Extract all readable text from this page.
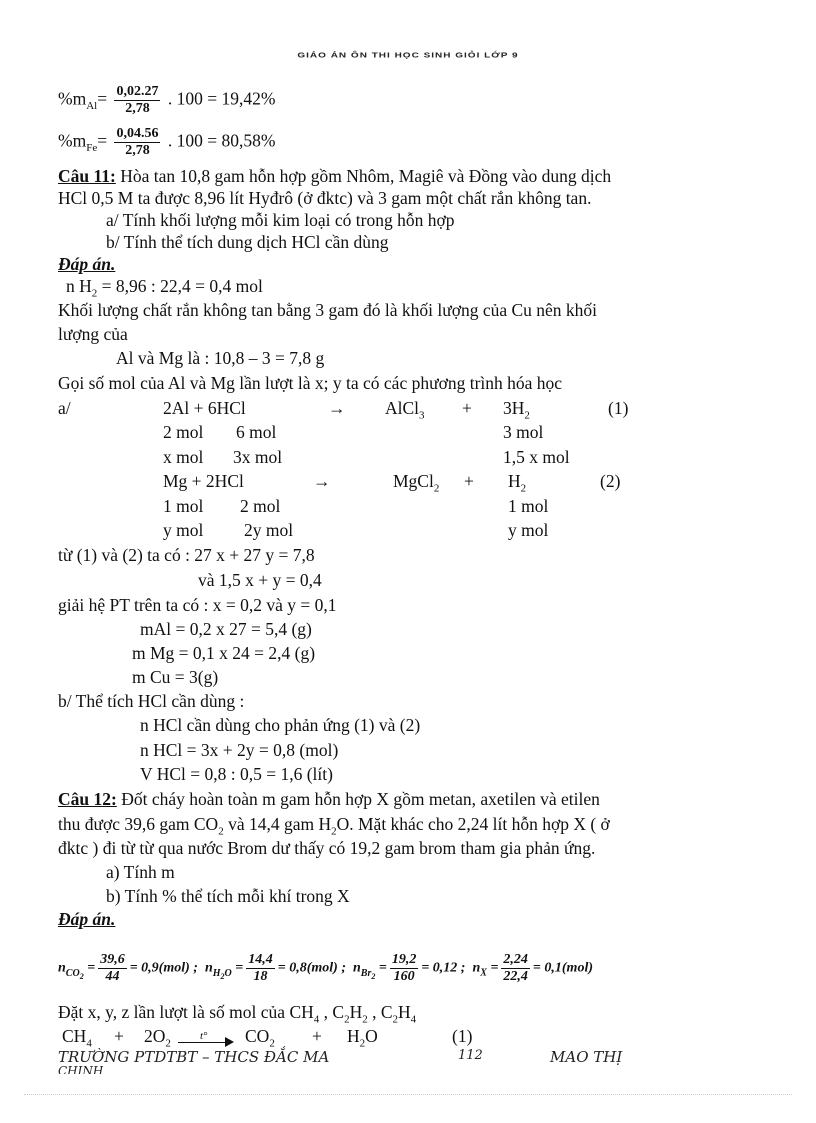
GIÁO ÁN ÔN THI HỌC SINH GIỎI LỚP 9
$\%m_{Al}= \frac{0,02.27}{2,78}$ . 100 = 19,42%
$\%m_{Fe}= \frac{0,04.56}{2,78}$ . 100 = 80,58%
Câu 11: Hòa tan 10,8 gam hỗn hợp gồm Nhôm, Magiê và Đồng vào dung dịch
HCl 0,5 M ta được 8,96 lít Hyđrô (ở đktc) và 3 gam một chất rắn không tan.
a/ Tính khối lượng mỗi kim loại có trong hỗn hợp
b/ Tính thể tích dung dịch HCl cần dùng
Đáp án.
n $H_2 = 8,96$ : 22,4 = 0,4 mol
Khối lượng chất rắn không tan bằng 3 gam đó là khối lượng của Cu nên khối
lượng của
Al và Mg là : 10,8 – 3 = 7,8 g
Gọi số mol của Al và Mg lần lượt là x; y ta có các phương trình hóa học
a/	2Al + 6HCl	→ AlCl$_3$ + $3H_2$	(1)
2 mol 6 mol	3 mol
x mol 3x mol	1,5 x mol
Mg + 2HCl	→	MgCl$_2$ + $H_2$	(2)
1 mol 2 mol	1 mol
y mol 2y mol	y mol
từ (1) và (2) ta có : 27 x + 27 y = 7,8
và 1,5 x + y = 0,4
giải hệ PT trên ta có : x = 0,2 và y = 0,1
mAl = 0,2 x 27 = 5,4 (g)
m Mg = 0,1 x 24 = 2,4 (g)
m Cu = 3(g)
b/ Thể tích HCl cần dùng :
n HCl cần dùng cho phản ứng (1) và (2)
n HCl = 3x + 2y = 0,8 (mol)
V HCl = 0,8 : 0,5 = 1,6 (lít)
Câu 12: Đốt cháy hoàn toàn m gam hỗn hợp X gồm metan, axetilen và etilen
thu được 39,6 gam $CO_2$ và 14,4 gam $H_2O$. Mặt khác cho 2,24 lít hỗn hợp X ( ở
đktc ) đi từ từ qua nước Brom dư thấy có 19,2 gam brom tham gia phản ứng.
a) Tính m
b) Tính % thể tích mỗi khí trong X
Đáp án.
$n_{CO_2} = \frac{39,6}{44} = 0,9(mol)$ ; $n_{H_2O} = \frac{14,4}{18} = 0,8(mol)$ ; $n_{Br_2} = \frac{19,2}{160} = 0,12$ ; $n_X = \frac{2,24}{22,4} = 0,1(mol)$
Đặt x, y, z lần lượt là số mol của $CH_4$ , $C_2H_2$ , $C_2H_4$
$CH_4 + 2O_2$
t° $CO_2 + H_2O$	(1)
TRƯỜNG PTDTBT – THCS ĐẮC MA	112	MAO THỊ
CHINH
